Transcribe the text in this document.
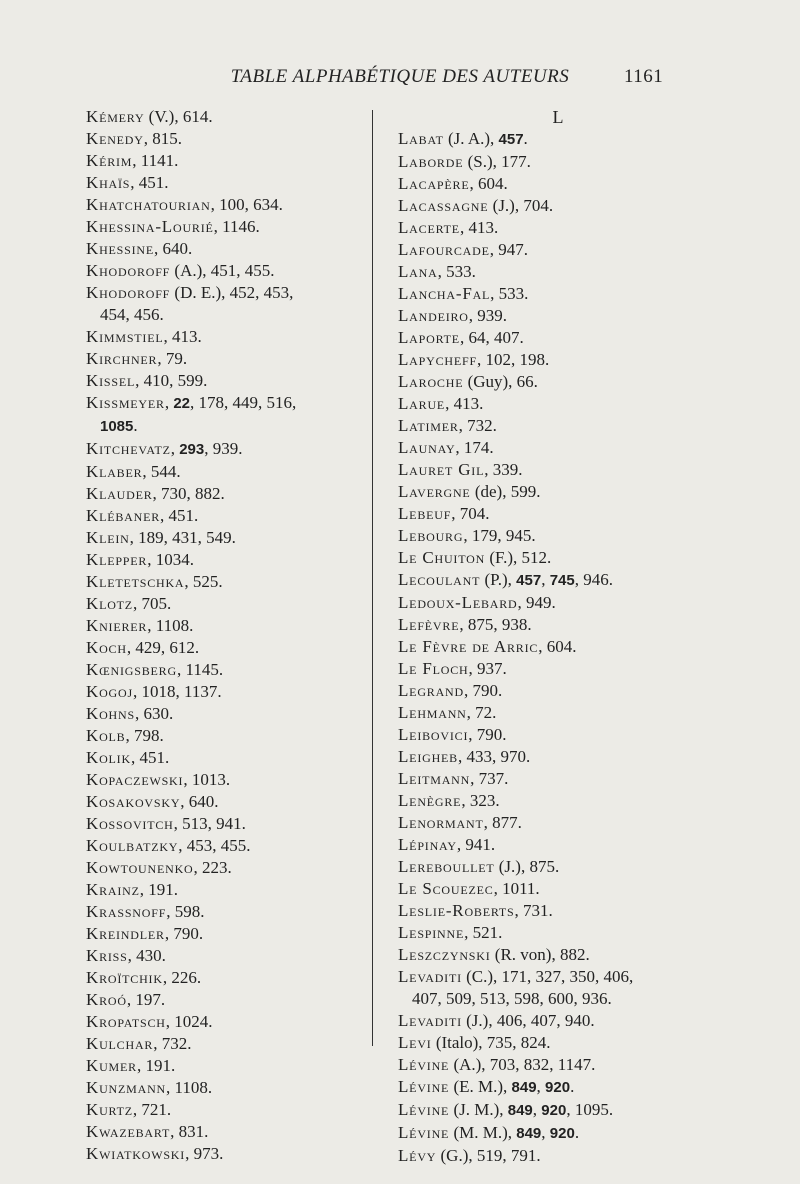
TABLE ALPHABÉTIQUE DES AUTEURS	1161
Kémery (V.), 614.
Kenedy, 815.
Kérim, 1141.
Khaïs, 451.
Khatchatourian, 100, 634.
Khessina-Lourié, 1146.
Khessine, 640.
Khodoroff (A.), 451, 455.
Khodoroff (D. E.), 452, 453,
454, 456.
Kimmstiel, 413.
Kirchner, 79.
Kissel, 410, 599.
Kissmeyer, 22, 178, 449, 516,
1085.
Kitchevatz, 293, 939.
Klaber, 544.
Klauder, 730, 882.
Klébaner, 451.
Klein, 189, 431, 549.
Klepper, 1034.
Kletetschka, 525.
Klotz, 705.
Knierer, 1108.
Koch, 429, 612.
Kœnigsberg, 1145.
Kogoj, 1018, 1137.
Kohns, 630.
Kolb, 798.
Kolik, 451.
Kopaczewski, 1013.
Kosakovsky, 640.
Kossovitch, 513, 941.
Koulbatzky, 453, 455.
Kowtounenko, 223.
Krainz, 191.
Krassnoff, 598.
Kreindler, 790.
Kriss, 430.
Kroïtchik, 226.
Kroó, 197.
Kropatsch, 1024.
Kulchar, 732.
Kumer, 191.
Kunzmann, 1108.
Kurtz, 721.
Kwazebart, 831.
Kwiatkowski, 973.
L
Labat (J. A.), 457.
Laborde (S.), 177.
Lacapère, 604.
Lacassagne (J.), 704.
Lacerte, 413.
Lafourcade, 947.
Lana, 533.
Lancha-Fal, 533.
Landeiro, 939.
Laporte, 64, 407.
Lapycheff, 102, 198.
Laroche (Guy), 66.
Larue, 413.
Latimer, 732.
Launay, 174.
Lauret Gil, 339.
Lavergne (de), 599.
Lebeuf, 704.
Lebourg, 179, 945.
Le Chuiton (F.), 512.
Lecoulant (P.), 457, 745, 946.
Ledoux-Lebard, 949.
Lefèvre, 875, 938.
Le Fèvre de Arric, 604.
Le Floch, 937.
Legrand, 790.
Lehmann, 72.
Leibovici, 790.
Leigheb, 433, 970.
Leitmann, 737.
Lenègre, 323.
Lenormant, 877.
Lépinay, 941.
Lereboullet (J.), 875.
Le Scouezec, 1011.
Leslie-Roberts, 731.
Lespinne, 521.
Leszczynski (R. von), 882.
Levaditi (C.), 171, 327, 350, 406,
407, 509, 513, 598, 600, 936.
Levaditi (J.), 406, 407, 940.
Levi (Italo), 735, 824.
Lévine (A.), 703, 832, 1147.
Lévine (E. M.), 849, 920.
Lévine (J. M.), 849, 920, 1095.
Lévine (M. M.), 849, 920.
Lévy (G.), 519, 791.
